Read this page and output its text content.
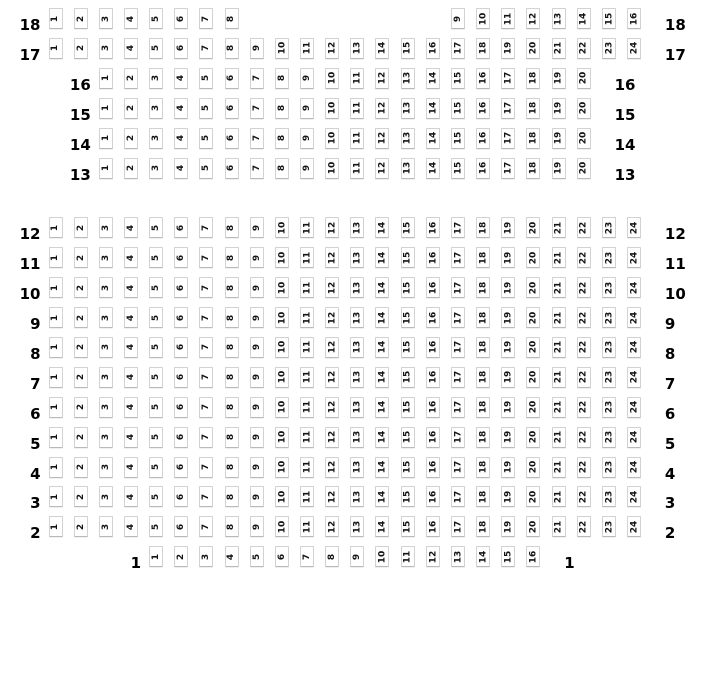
1 2 3 4 5 6 7 8	9 10 11 12 13 14 15 16
18	18
1 2 3 4 5 6 7 8 9 10 11 12 13 14 15 16 17 18 19 20 21 22 23 24
17	17
1 2 3 4 5 6 7 8 9 10 11 12 13 14 15 16 17 18 19 20
16	16
1 2 3 4 5 6 7 8 9 10 11 12 13 14 15 16 17 18 19 20
15	15
1 2 3 4 5 6 7 8 9 10 11 12 13 14 15 16 17 18 19 20
14	14
1 2 3 4 5 6 7 8 9 10 11 12 13 14 15 16 17 18 19 20
13	13
1 2 3 4 5 6 7 8 9 10 11 12 13 14 15 16 17 18 19 20 21 22 23 24
12	12
1 2 3 4 5 6 7 8 9 10 11 12 13 14 15 16 17 18 19 20 21 22 23 24
11	11
1 2 3 4 5 6 7 8 9 10 11 12 13 14 15 16 17 18 19 20 21 22 23 24
10	10
1 2 3 4 5 6 7 8 9 10 11 12 13 14 15 16 17 18 19 20 21 22 23 24
9	9
1 2 3 4 5 6 7 8 9 10 11 12 13 14 15 16 17 18 19 20 21 22 23 24
8	8
1 2 3 4 5 6 7 8 9 10 11 12 13 14 15 16 17 18 19 20 21 22 23 24
7	7
1 2 3 4 5 6 7 8 9 10 11 12 13 14 15 16 17 18 19 20 21 22 23 24
6	6
1 2 3 4 5 6 7 8 9 10 11 12 13 14 15 16 17 18 19 20 21 22 23 24
5	5
1 2 3 4 5 6 7 8 9 10 11 12 13 14 15 16 17 18 19 20 21 22 23 24
4	4
1 2 3 4 5 6 7 8 9 10 11 12 13 14 15 16 17 18 19 20 21 22 23 24
3	3
1 2 3 4 5 6 7 8 9 10 11 12 13 14 15 16 17 18 19 20 21 22 23 24
2	2
1 2 3 4 5 6 7 8 9 10 11 12 13 14 15 16
1	1
